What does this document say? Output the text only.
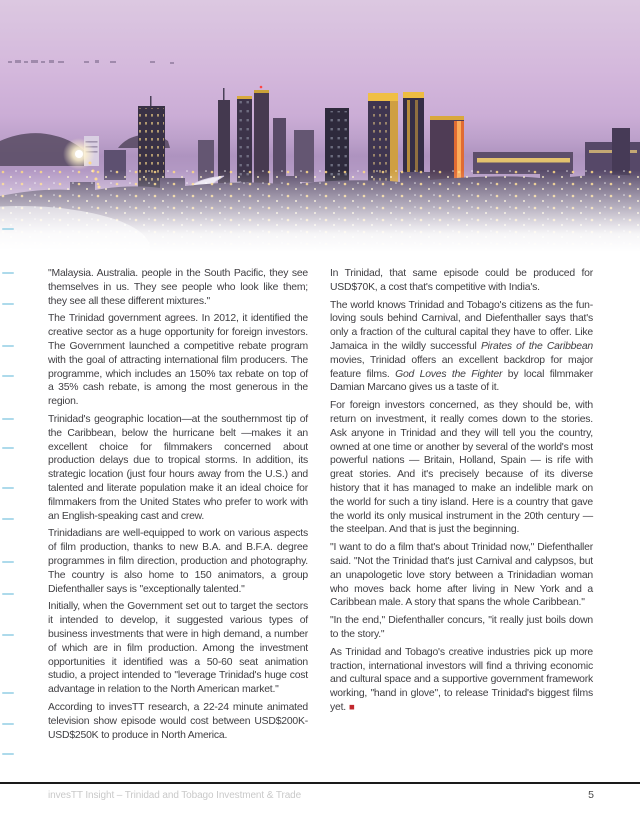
"Malaysia. Australia. people in the South Pacific, they see themselves in us. They see people who look like them; they see all these different mixtures."

The Trinidad government agrees. In 2012, it identified the creative sector as a huge opportunity for foreign investors. The Government launched a competitive rebate program with the goal of attracting international film producers. The programme, which includes an 150% tax rebate on top of a 35% cash rebate, is among the most generous in the region.

Trinidad's geographic location—at the southernmost tip of the Caribbean, below the hurricane belt —makes it an excellent choice for filmmakers concerned about production delays due to tropical storms. In addition, its strategic location (just four hours away from the U.S.) and talented and literate population make it an ideal choice for filmmakers from the United States who prefer to work with an English-speaking cast and crew.

Trinidadians are well-equipped to work on various aspects of film production, thanks to new B.A. and B.F.A. degree programmes in film direction, production and photography. The country is also home to 150 animators, a group Diefenthaller says is "exceptionally talented."

Initially, when the Government set out to target the sectors it intended to develop, it suggested various types of business investments that were in high demand, a number of which are in film production. Among the investment opportunities it identified was a 50-60 seat animation studio, a project intended to "leverage Trinidad's huge cost advantage in relation to the North American market."

According to invesTT research, a 22-24 minute animated television show episode would cost between USD$200K-USD$250K to produce in North America.

In Trinidad, that same episode could be produced for USD$70K, a cost that's competitive with India's.

The world knows Trinidad and Tobago's citizens as the fun-loving souls behind Carnival, and Diefenthaller says that's only a fraction of the cultural capital they have to offer. Like Jamaica in the wildly successful Pirates of the Caribbean movies, Trinidad offers an excellent backdrop for major feature films. God Loves the Fighter by local filmmaker Damian Marcano gives us a taste of it.

For foreign investors concerned, as they should be, with return on investment, it really comes down to the stories. Ask anyone in Trinidad and they will tell you the country, owned at one time or another by several of the world's most powerful nations — Britain, Holland, Spain — is rife with great stories. And it's precisely because of its diverse history that it has managed to make an indelible mark on the world for such a tiny island. Here is a country that gave the world its only musical instrument in the 20th century — the steelpan. And that is just the beginning.

"I want to do a film that's about Trinidad now," Diefenthaller said. "Not the Trinidad that's just Carnival and calypsos, but an unapologetic love story between a Trinidadian woman who moves back home after living in New York and a Caribbean male. A story that spans the whole Caribbean."

"In the end," Diefenthaller concurs, "it really just boils down to the story."

As Trinidad and Tobago's creative industries pick up more traction, international investors will find a thriving economic and cultural space and a supportive government framework working, "hand in glove", to release Trinidad's biggest films yet. ■

invesTT Insight – Trinidad and Tobago Investment & Trade	5
